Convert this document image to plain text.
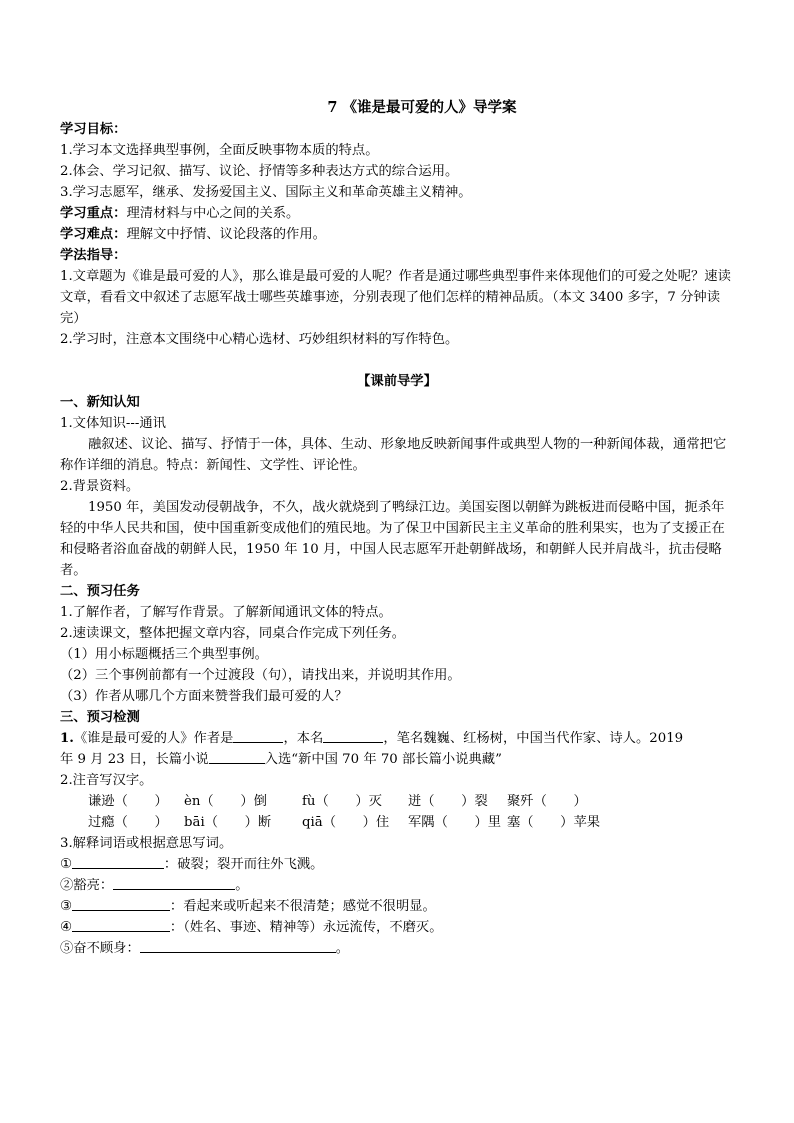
7 《谁是最可爱的人》导学案
学习目标：
1.学习本文选择典型事例，全面反映事物本质的特点。
2.体会、学习记叙、描写、议论、抒情等多种表达方式的综合运用。
3.学习志愿军，继承、发扬爱国主义、国际主义和革命英雄主义精神。
学习重点：理清材料与中心之间的关系。
学习难点：理解文中抒情、议论段落的作用。
学法指导：
1.文章题为《谁是最可爱的人》，那么谁是最可爱的人呢？作者是通过哪些典型事件来体现他们的可爱之处呢？速读文章，看看文中叙述了志愿军战士哪些英雄事迹，分别表现了他们怎样的精神品质。（本文 3400 多字，7 分钟读完）
2.学习时，注意本文围绕中心精心选材、巧妙组织材料的写作特色。
【课前导学】
一、新知认知
1.文体知识---通讯
融叙述、议论、描写、抒情于一体，具体、生动、形象地反映新闻事件或典型人物的一种新闻体裁，通常把它称作详细的消息。特点：新闻性、文学性、评论性。
2.背景资料。
1950 年，美国发动侵朝战争，不久，战火就烧到了鸭绿江边。美国妄图以朝鲜为跳板进而侵略中国，扼杀年轻的中华人民共和国，使中国重新变成他们的殖民地。为了保卫中国新民主主义革命的胜利果实，也为了支援正在和侵略者浴血奋战的朝鲜人民，1950 年 10 月，中国人民志愿军开赴朝鲜战场，和朝鲜人民并肩战斗，抗击侵略者。
二、预习任务
1.了解作者，了解写作背景。了解新闻通讯文体的特点。
2.速读课文，整体把握文章内容，同桌合作完成下列任务。
（1）用小标题概括三个典型事例。
（2）三个事例前都有一个过渡段（句），请找出来，并说明其作用。
（3）作者从哪几个方面来赞誉我们最可爱的人？
三、预习检测
1.《谁是最可爱的人》作者是	，本名	，笔名魏巍、红杨树，中国当代作家、诗人。2019
年 9 月 23 日，长篇小说	入选“新中国 70 年 70 部长篇小说典藏”
2.注音写汉字。
谦逊（　　） èn（　　）倒	fù（　　）灭 迸（　　）裂 聚歼（　　）
过瘾（　　） bāi（　　）断 qiā（　　）住 军隅（　　）里 塞（　　）苹果
3.解释词语或根据意思写词。
①	：破裂；裂开而往外飞溅。
②豁亮：	。
③	：看起来或听起来不很清楚；感觉不很明显。
④	：（姓名、事迹、精神等）永远流传，不磨灭。
⑤奋不顾身：	。
